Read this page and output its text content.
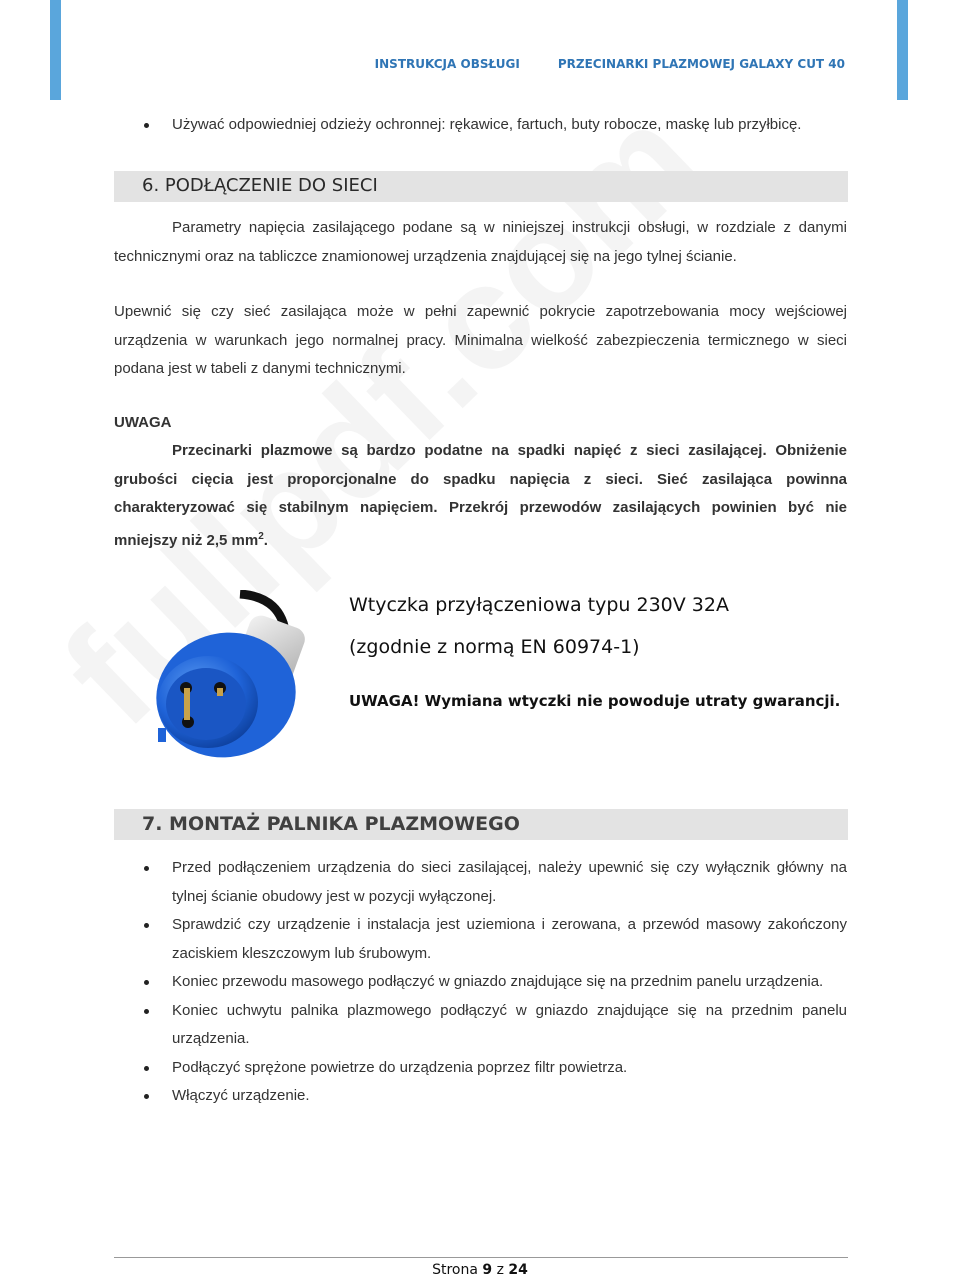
INSTRUKCJA OBSŁUGI	PRZECINARKI PLAZMOWEJ GALAXY CUT 40
Używać odpowiedniej odzieży ochronnej: rękawice, fartuch, buty robocze, maskę lub przyłbicę.
6. PODŁĄCZENIE DO SIECI
Parametry napięcia zasilającego podane są w niniejszej instrukcji obsługi, w rozdziale z danymi technicznymi oraz na tabliczce znamionowej urządzenia znajdującej się na jego tylnej ścianie.
Upewnić się czy sieć zasilająca może w pełni zapewnić pokrycie zapotrzebowania mocy wejściowej urządzenia w warunkach jego normalnej pracy. Minimalna wielkość zabezpieczenia termicznego w sieci podana jest w tabeli z danymi technicznymi.
UWAGA
Przecinarki plazmowe są bardzo podatne na spadki napięć z sieci zasilającej. Obniżenie grubości cięcia jest proporcjonalne do spadku napięcia z sieci. Sieć zasilająca powinna charakteryzować się stabilnym napięciem. Przekrój przewodów zasilających powinien być nie mniejszy niż 2,5 $mm^2$.
Wtyczka przyłączeniowa typu 230V 32A
(zgodnie z normą EN 60974-1)
UWAGA! Wymiana wtyczki nie powoduje utraty gwarancji.
7. MONTAŻ PALNIKA PLAZMOWEGO
Przed podłączeniem urządzenia do sieci zasilającej, należy upewnić się czy wyłącznik główny na tylnej ścianie obudowy jest w pozycji wyłączonej.
Sprawdzić czy urządzenie i instalacja jest uziemiona i zerowana, a przewód masowy zakończony zaciskiem kleszczowym lub śrubowym.
Koniec przewodu masowego podłączyć w gniazdo znajdujące się na przednim panelu urządzenia.
Koniec uchwytu palnika plazmowego podłączyć w gniazdo znajdujące się na przednim panelu urządzenia.
Podłączyć sprężone powietrze do urządzenia poprzez filtr powietrza.
Włączyć urządzenie.
Strona 9 z 24
